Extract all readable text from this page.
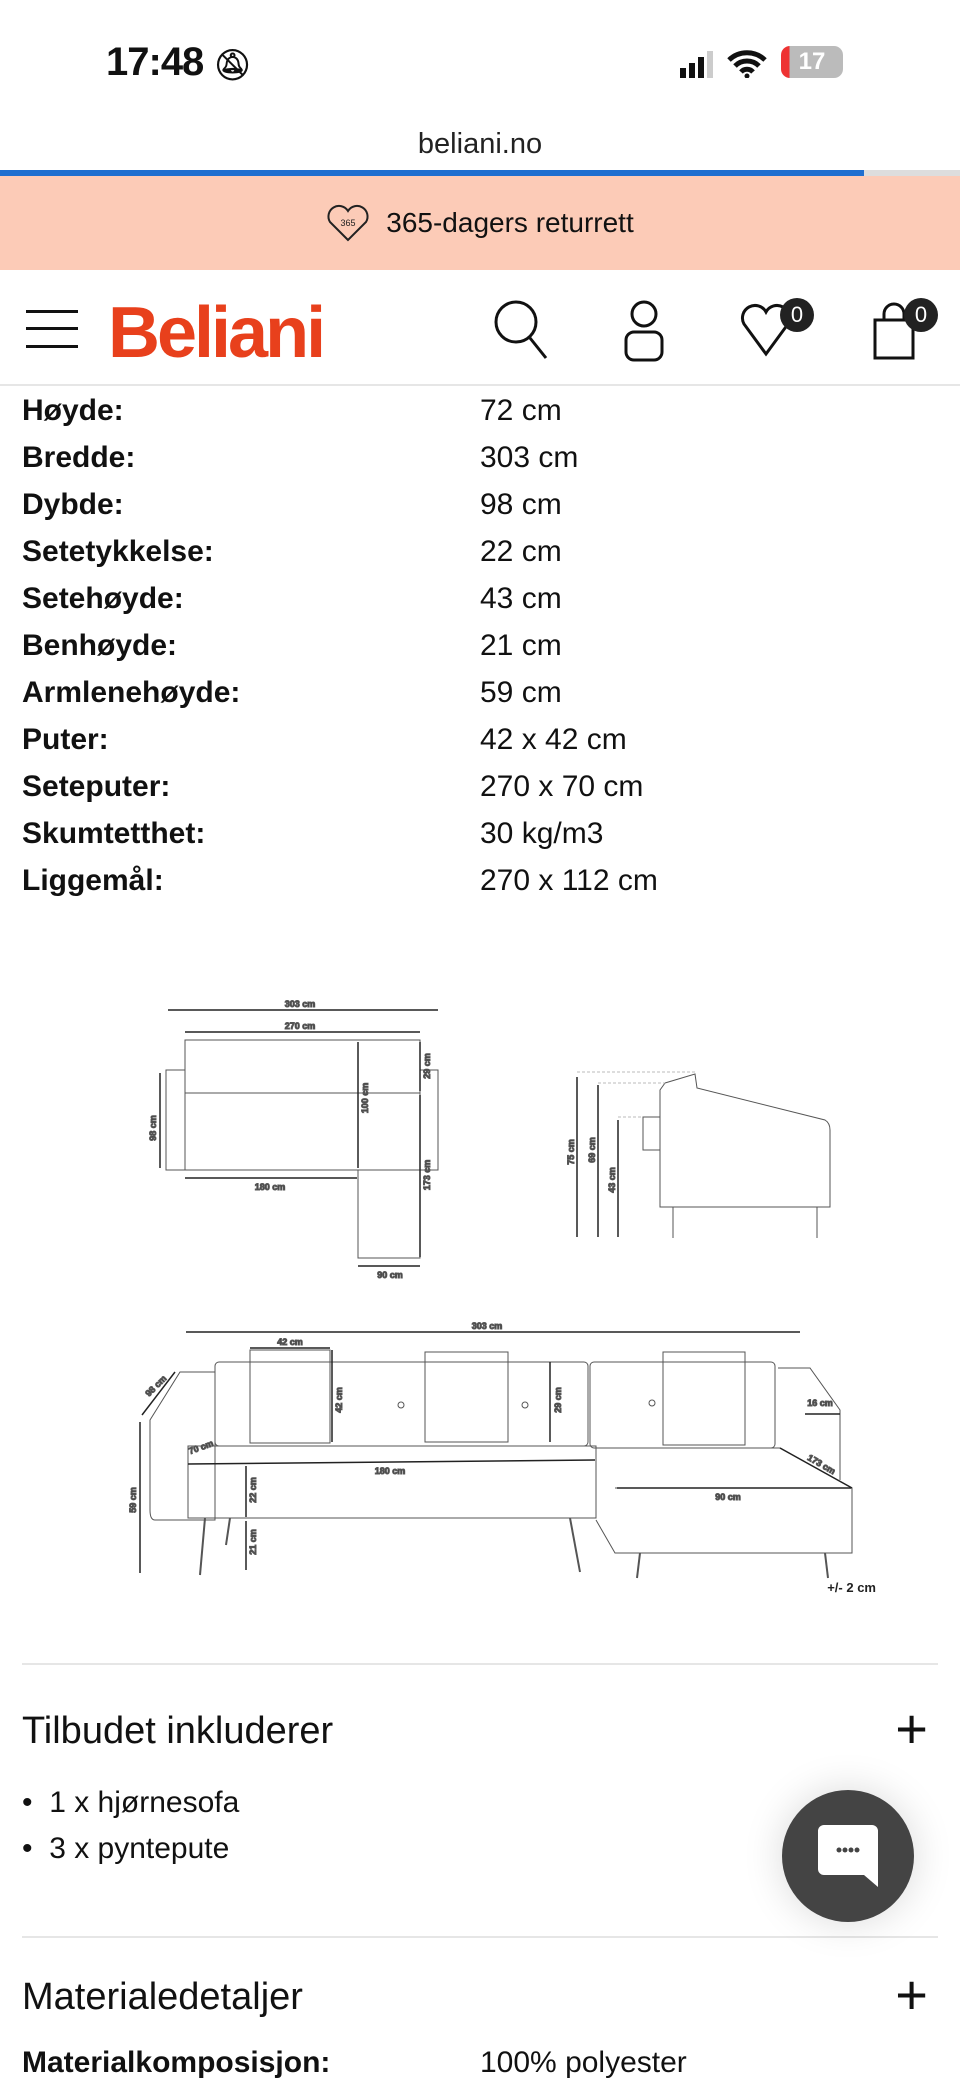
17:48 🔕︎	17
beliani.no
365 365-dagers returrett
Beliani	0	0
Høyde:	72 cm
Bredde:	303 cm
Dybde:	98 cm
Setetykkelse:	22 cm
Setehøyde:	43 cm
Benhøyde:	21 cm
Armlenehøyde:	59 cm
Puter:	42 x 42 cm
Seteputer:	270 x 70 cm
Skumtetthet:	30 kg/m3
Liggemål:	270 x 112 cm
303 cm
270 cm
100 cm
29 cm
173 cm
98 cm
180 cm
90 cm
75 cm 69 cm
43 cm
303 cm
42 cm
42 cm	29 cm
98 cm
16 cm
70 cm
180 cm	173 cm
90 cm
59 cm	22 cm
21 cm
+/- 2 cm
Tilbudet inkluderer	+
•  1 x hjørnesofa
•  3 x pyntepute
Materialedetaljer	+
Materialkomposisjon:	100% polyester
